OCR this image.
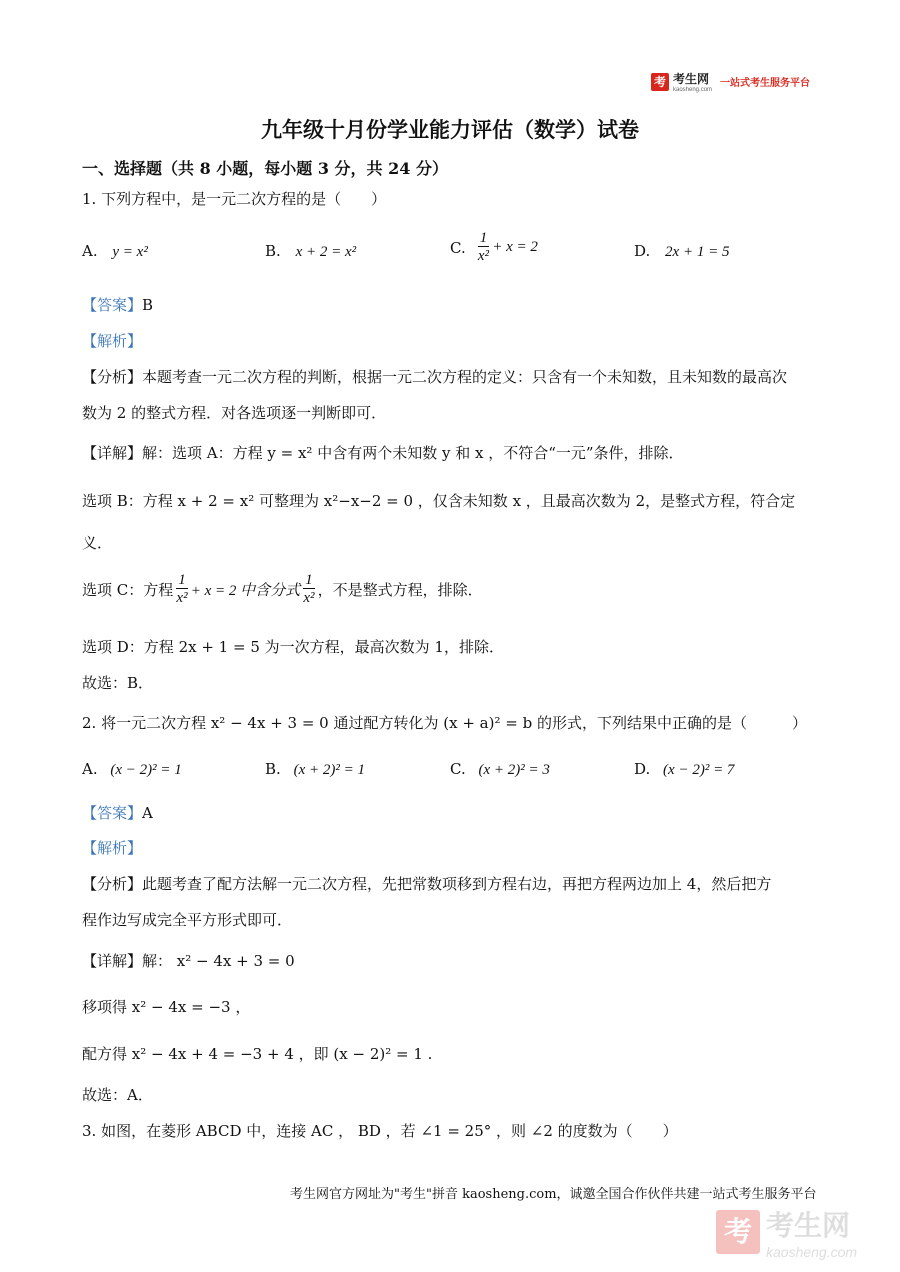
考 考生网
kaosheng.com
一站式考生服务平台
九年级十月份学业能力评估（数学）试卷
一、选择题（共 8 小题，每小题 3 分，共 24 分）
1. 下列方程中，是一元二次方程的是（　　）
A. y = x²	B. x + 2 = x²	C. $\frac{1}{\text{x²}} + x = 2$	D. 2x + 1 = 5
【答案】B
【解析】
【分析】本题考查一元二次方程的判断，根据一元二次方程的定义：只含有一个未知数，且未知数的最高次
数为 2 的整式方程．对各选项逐一判断即可．
【详解】解：选项 A：方程 y = x² 中含有两个未知数 y 和 x ，不符合“一元”条件，排除．
选项 B：方程 x + 2 = x² 可整理为 x²−x−2 = 0 ，仅含未知数 x ，且最高次数为 2，是整式方程，符合定
义．
选项 C：方程 $\frac{1}{\text{x²}} + x = 2$ 中含分式 $\frac{1}{\text{x²}}$ ，不是整式方程，排除．
选项 D：方程 2x + 1 = 5 为一次方程，最高次数为 1，排除．
故选：B．
2. 将一元二次方程 x² − 4x + 3 = 0 通过配方转化为 (x + a)² = b 的形式，下列结果中正确的是（　　　）
A. (x − 2)² = 1	B. (x + 2)² = 1	C. (x + 2)² = 3	D. (x − 2)² = 7
【答案】A
【解析】
【分析】此题考查了配方法解一元二次方程，先把常数项移到方程右边，再把方程两边加上 4，然后把方
程作边写成完全平方形式即可．
【详解】解： x² − 4x + 3 = 0
移项得 x² − 4x = −3 ，
配方得 x² − 4x + 4 = −3 + 4 ，即 (x − 2)² = 1 .
故选：A．
3. 如图，在菱形 ABCD 中，连接 AC ， BD ，若 ∠1 = 25° ，则 ∠2 的度数为（　　）
考生网官方网址为"考生"拼音 kaosheng.com，诚邀全国合作伙伴共建一站式考生服务平台
考 考生网
kaosheng.com
